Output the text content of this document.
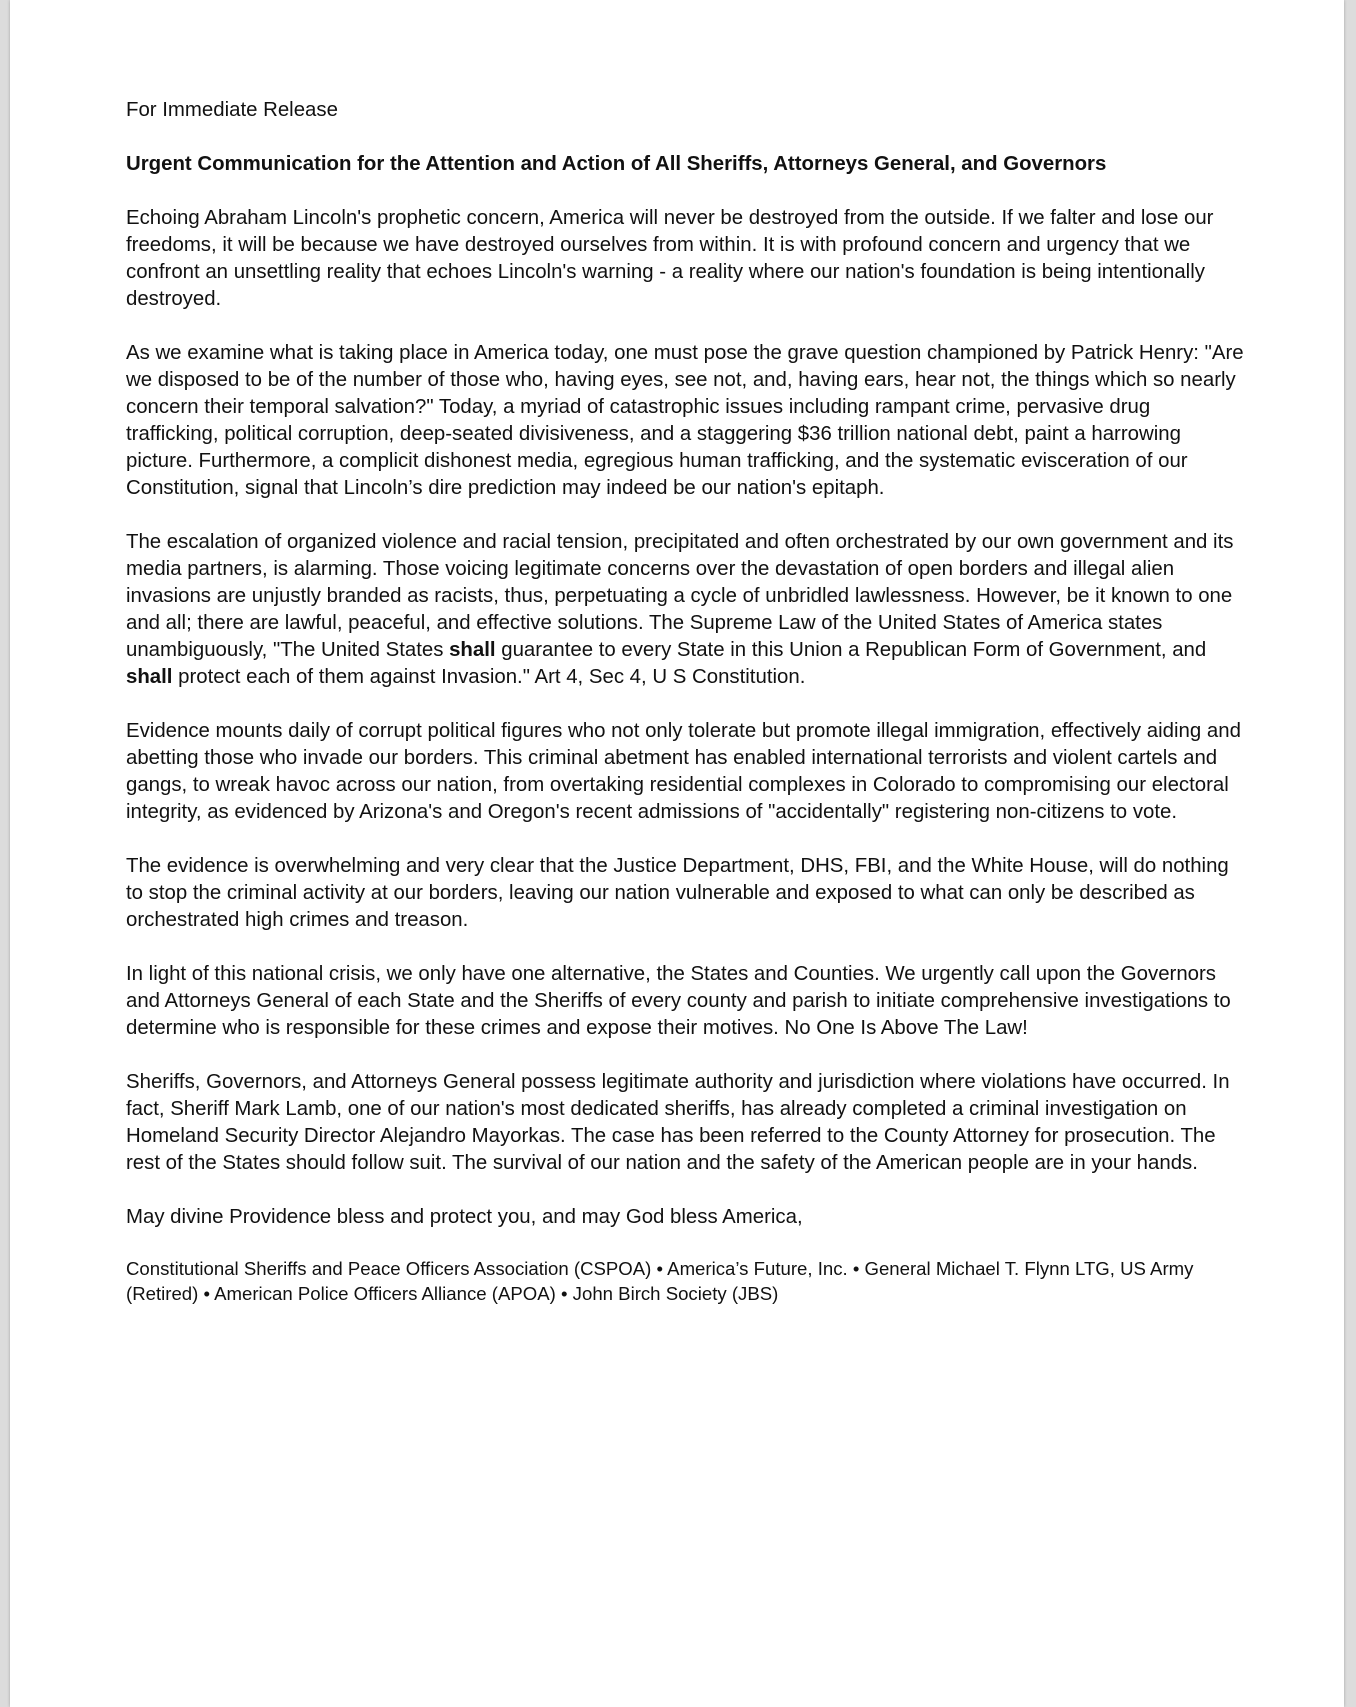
For Immediate Release

Urgent Communication for the Attention and Action of All Sheriffs, Attorneys General, and Governors

Echoing Abraham Lincoln's prophetic concern, America will never be destroyed from the outside. If we falter and lose our freedoms, it will be because we have destroyed ourselves from within. It is with profound concern and urgency that we confront an unsettling reality that echoes Lincoln's warning - a reality where our nation's foundation is being intentionally destroyed.

As we examine what is taking place in America today, one must pose the grave question championed by Patrick Henry: "Are we disposed to be of the number of those who, having eyes, see not, and, having ears, hear not, the things which so nearly concern their temporal salvation?" Today, a myriad of catastrophic issues including rampant crime, pervasive drug trafficking, political corruption, deep-seated divisiveness, and a staggering $36 trillion national debt, paint a harrowing picture. Furthermore, a complicit dishonest media, egregious human trafficking, and the systematic evisceration of our Constitution, signal that Lincoln’s dire prediction may indeed be our nation's epitaph.

The escalation of organized violence and racial tension, precipitated and often orchestrated by our own government and its media partners, is alarming. Those voicing legitimate concerns over the devastation of open borders and illegal alien invasions are unjustly branded as racists, thus, perpetuating a cycle of unbridled lawlessness. However, be it known to one and all; there are lawful, peaceful, and effective solutions. The Supreme Law of the United States of America states unambiguously, "The United States shall guarantee to every State in this Union a Republican Form of Government, and shall protect each of them against Invasion." Art 4, Sec 4, U S Constitution.

Evidence mounts daily of corrupt political figures who not only tolerate but promote illegal immigration, effectively aiding and abetting those who invade our borders. This criminal abetment has enabled international terrorists and violent cartels and gangs, to wreak havoc across our nation, from overtaking residential complexes in Colorado to compromising our electoral integrity, as evidenced by Arizona's and Oregon's recent admissions of "accidentally" registering non-citizens to vote.

The evidence is overwhelming and very clear that the Justice Department, DHS, FBI, and the White House, will do nothing to stop the criminal activity at our borders, leaving our nation vulnerable and exposed to what can only be described as orchestrated high crimes and treason.

In light of this national crisis, we only have one alternative, the States and Counties. We urgently call upon the Governors and Attorneys General of each State and the Sheriffs of every county and parish to initiate comprehensive investigations to determine who is responsible for these crimes and expose their motives. No One Is Above The Law!

Sheriffs, Governors, and Attorneys General possess legitimate authority and jurisdiction where violations have occurred. In fact, Sheriff Mark Lamb, one of our nation's most dedicated sheriffs, has already completed a criminal investigation on Homeland Security Director Alejandro Mayorkas. The case has been referred to the County Attorney for prosecution. The rest of the States should follow suit. The survival of our nation and the safety of the American people are in your hands.

May divine Providence bless and protect you, and may God bless America,

Constitutional Sheriffs and Peace Officers Association (CSPOA) • America’s Future, Inc. • General Michael T. Flynn LTG, US Army (Retired) • American Police Officers Alliance (APOA) • John Birch Society (JBS)
